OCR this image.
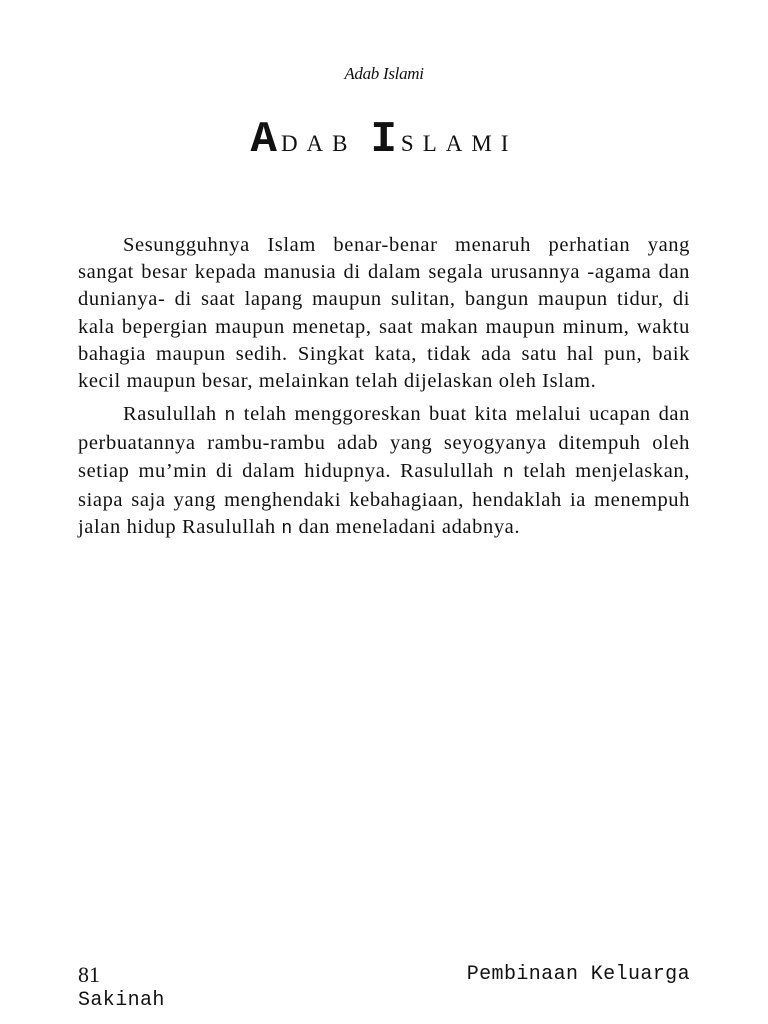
Adab Islami
ADAB I SLAMI

Sesungguhnya Islam benar-benar menaruh perhatian yang sangat besar kepada manusia di dalam segala urusannya -agama dan dunianya- di saat lapang maupun sulitan, bangun maupun tidur, di kala bepergian maupun menetap, saat makan maupun minum, waktu bahagia maupun sedih. Singkat kata, tidak ada satu hal pun, baik kecil maupun besar, melainkan telah dijelaskan oleh Islam.

Rasulullah n telah menggoreskan buat kita melalui ucapan dan perbuatannya rambu-rambu adab yang seyogyanya ditempuh oleh setiap mu’min di dalam hidupnya. Rasulullah n telah menjelaskan, siapa saja yang menghendaki kebahagiaan, hendaklah ia menempuh jalan hidup Rasulullah n dan meneladani adabnya.

81	Pembinaan Keluarga
Sakinah
